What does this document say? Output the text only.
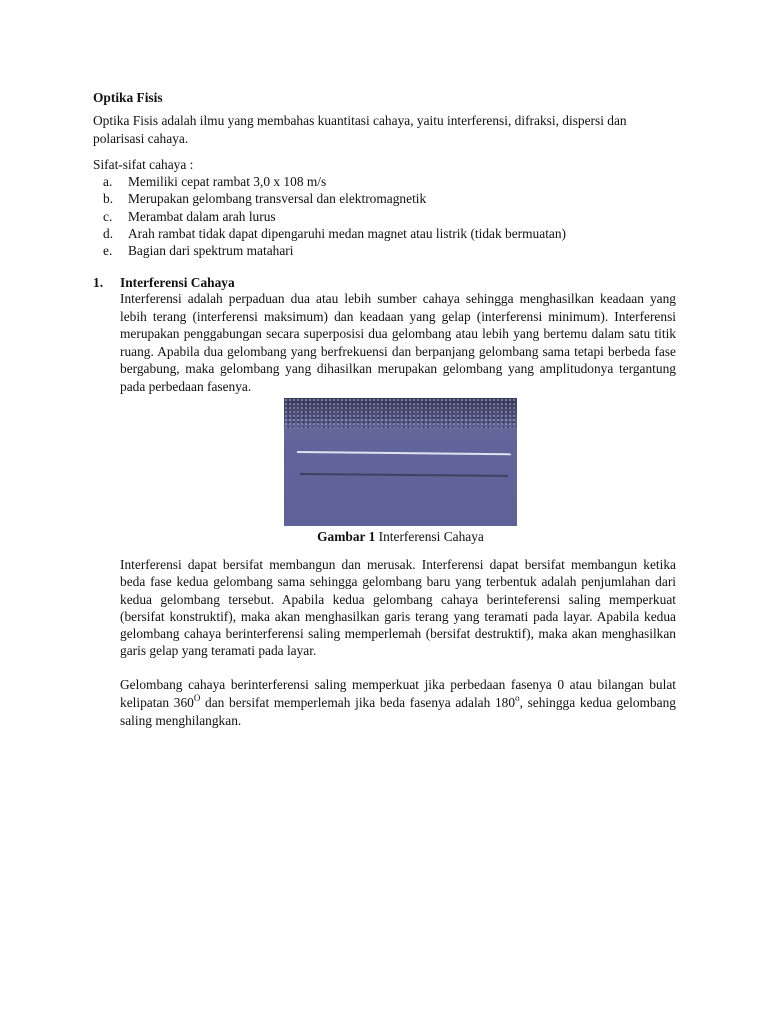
Optika Fisis
Optika Fisis adalah ilmu yang membahas kuantitasi cahaya, yaitu interferensi, difraksi, dispersi dan polarisasi cahaya.
Sifat-sifat cahaya :
a. Memiliki cepat rambat 3,0 x 108 m/s
b. Merupakan gelombang transversal dan elektromagnetik
c. Merambat dalam arah lurus
d. Arah rambat tidak dapat dipengaruhi medan magnet atau listrik (tidak bermuatan)
e. Bagian dari spektrum matahari
1. Interferensi Cahaya
Interferensi adalah perpaduan dua atau lebih sumber cahaya sehingga menghasilkan keadaan yang lebih terang (interferensi maksimum) dan keadaan yang gelap (interferensi minimum). Interferensi merupakan penggabungan secara superposisi dua gelombang atau lebih yang bertemu dalam satu titik ruang. Apabila dua gelombang yang berfrekuensi dan berpanjang gelombang sama tetapi berbeda fase bergabung, maka gelombang yang dihasilkan merupakan gelombang yang amplitudonya tergantung pada perbedaan fasenya.
Gambar 1 Interferensi Cahaya
Interferensi dapat bersifat membangun dan merusak. Interferensi dapat bersifat membangun ketika beda fase kedua gelombang sama sehingga gelombang baru yang terbentuk adalah penjumlahan dari kedua gelombang tersebut. Apabila kedua gelombang cahaya berinteferensi saling memperkuat (bersifat konstruktif), maka akan menghasilkan garis terang yang teramati pada layar. Apabila kedua gelombang cahaya berinterferensi saling memperlemah (bersifat destruktif), maka akan menghasilkan garis gelap yang teramati pada layar.
Gelombang cahaya berinterferensi saling memperkuat jika perbedaan fasenya 0 atau bilangan bulat kelipatan $360^O$ dan bersifat memperlemah jika beda fasenya adalah 180$^o$, sehingga kedua gelombang saling menghilangkan.
